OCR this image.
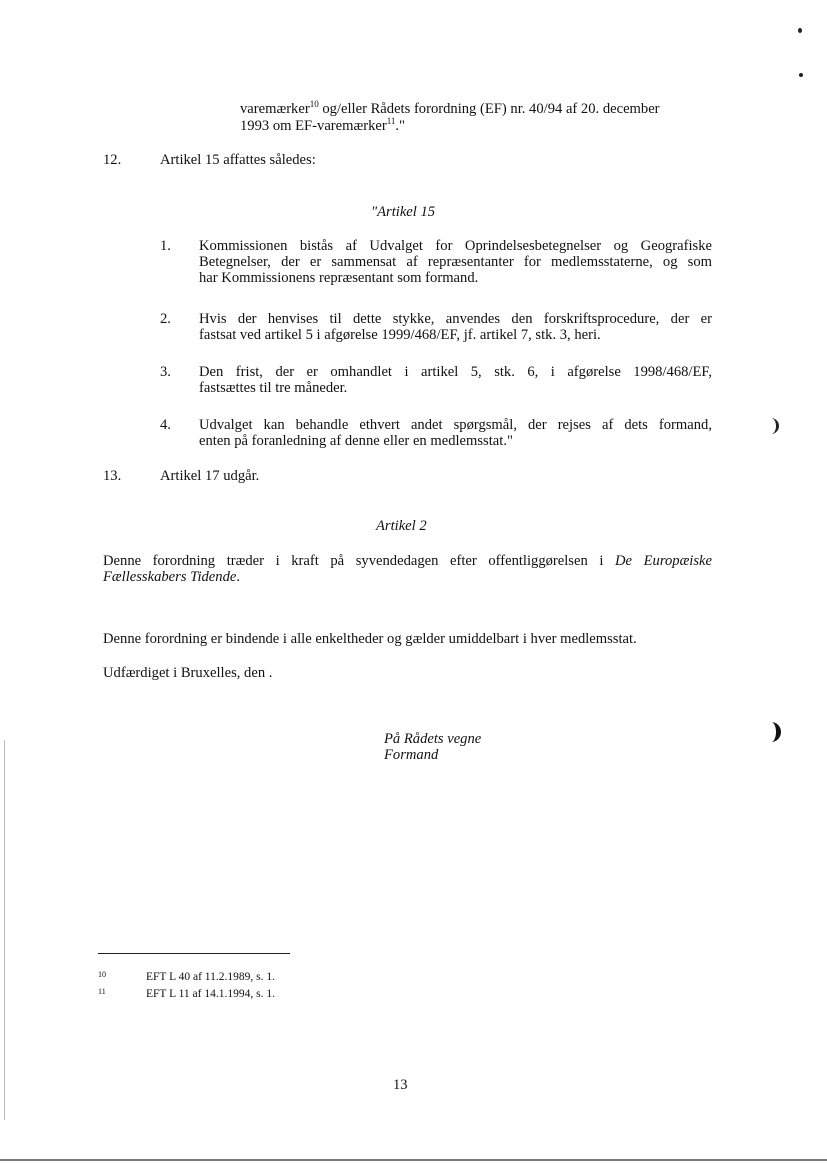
varemærker$^{10}$ og/eller Rådets forordning (EF) nr. 40/94 af 20. december
1993 om EF-varemærker$^{11}$."
12.	Artikel 15 affattes således:
"Artikel 15
1. Kommissionen bistås af Udvalget for Oprindelsesbetegnelser og Geografiske
Betegnelser, der er sammensat af repræsentanter for medlemsstaterne, og som
har Kommissionens repræsentant som formand.
2. Hvis der henvises til dette stykke, anvendes den forskriftsprocedure, der er
fastsat ved artikel 5 i afgørelse 1999/468/EF, jf. artikel 7, stk. 3, heri.
3. Den frist, der er omhandlet i artikel 5, stk. 6, i afgørelse 1998/468/EF,
fastsættes til tre måneder.
4. Udvalget kan behandle ethvert andet spørgsmål, der rejses af dets formand,
enten på foranledning af denne eller en medlemsstat."
13.	Artikel 17 udgår.
Artikel 2
Denne forordning træder i kraft på syvendedagen efter offentliggørelsen i De Europæiske
Fællesskabers Tidende.
Denne forordning er bindende i alle enkeltheder og gælder umiddelbart i hver medlemsstat.
Udfærdiget i Bruxelles, den .
På Rådets vegne
Formand
10	EFT L 40 af 11.2.1989, s. 1.
11	EFT L 11 af 14.1.1994, s. 1.
13
